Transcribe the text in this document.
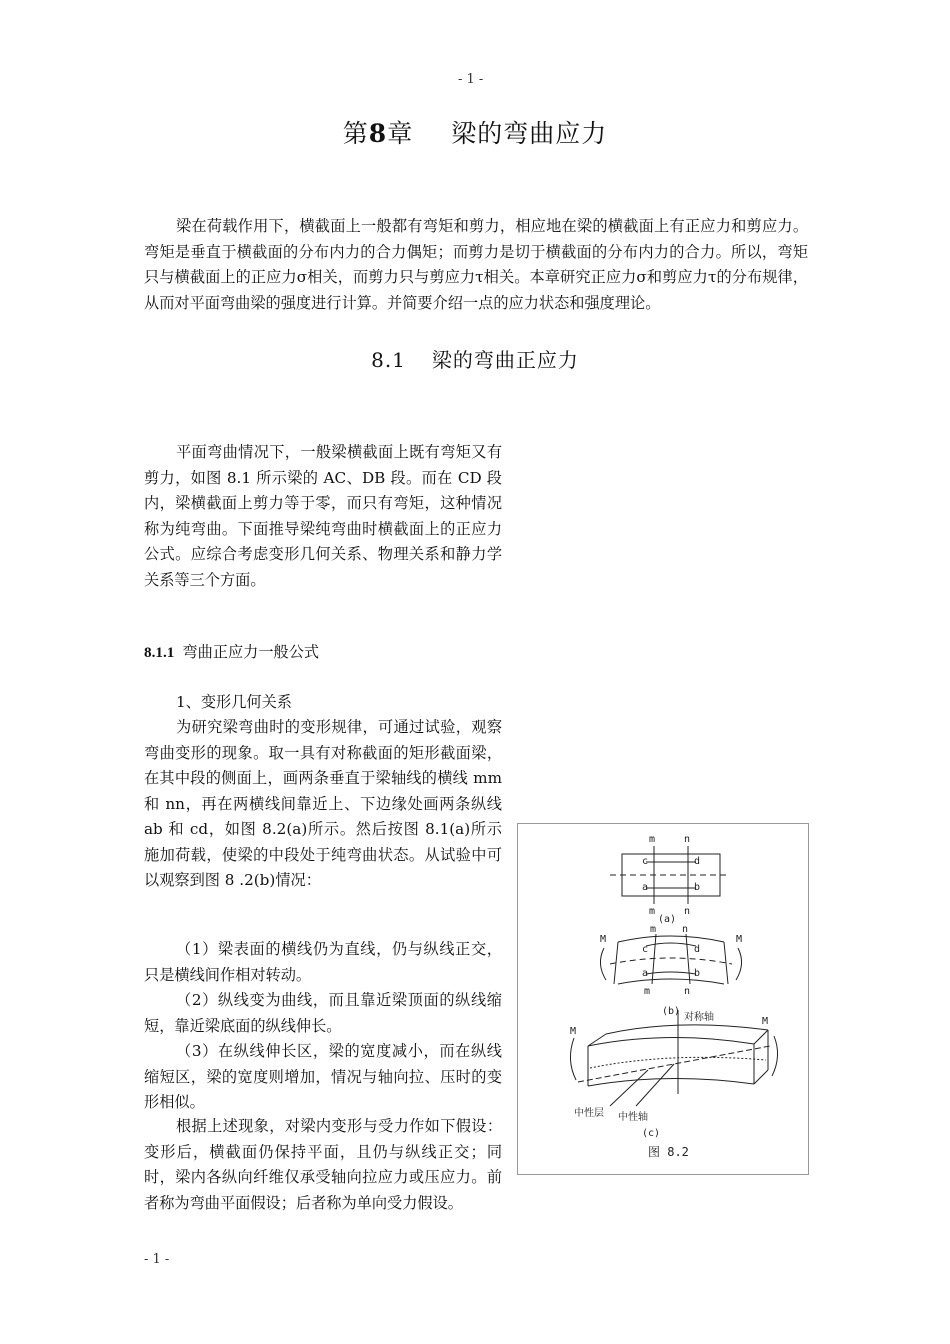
- 1 -
第8章 梁的弯曲应力

梁在荷载作用下，横截面上一般都有弯矩和剪力，相应地在梁的横截面上有正应力和剪应力。弯矩是垂直于横截面的分布内力的合力偶矩；而剪力是切于横截面的分布内力的合力。所以，弯矩只与横截面上的正应力σ相关，而剪力只与剪应力τ相关。本章研究正应力σ和剪应力τ的分布规律，从而对平面弯曲梁的强度进行计算。并简要介绍一点的应力状态和强度理论。

8.1 梁的弯曲正应力

平面弯曲情况下，一般梁横截面上既有弯矩又有剪力，如图 8.1 所示梁的 AC、DB 段。而在 CD 段内，梁横截面上剪力等于零，而只有弯矩，这种情况称为纯弯曲。下面推导梁纯弯曲时横截面上的正应力公式。应综合考虑变形几何关系、物理关系和静力学关系等三个方面。

8.1.1 弯曲正应力一般公式
1、变形几何关系

为研究梁弯曲时的变形规律，可通过试验，观察弯曲变形的现象。取一具有对称截面的矩形截面梁，在其中段的侧面上，画两条垂直于梁轴线的横线 mm 和 nn，再在两横线间靠近上、下边缘处画两条纵线 ab 和 cd，如图 8.2(a)所示。然后按图 8.1(a)所示施加荷载，使梁的中段处于纯弯曲状态。从试验中可以观察到图 8 .2(b)情况：

（1）梁表面的横线仍为直线，仍与纵线正交，只是横线间作相对转动。

（2）纵线变为曲线，而且靠近梁顶面的纵线缩短，靠近梁底面的纵线伸长。

（3）在纵线伸长区，梁的宽度减小，而在纵线缩短区，梁的宽度则增加，情况与轴向拉、压时的变形相似。

根据上述现象，对梁内变形与受力作如下假设：变形后，横截面仍保持平面，且仍与纵线正交；同时，梁内各纵向纤维仅承受轴向拉应力或压应力。前者称为弯曲平面假设；后者称为单向受力假设。

m	n
m	n
c	d
a	b
(a)
M	M
m	n
m	n
c	d
a	b
(b)
M
M
对称轴
中性层 中性轴
(c)
图 8.2
- 1 -
